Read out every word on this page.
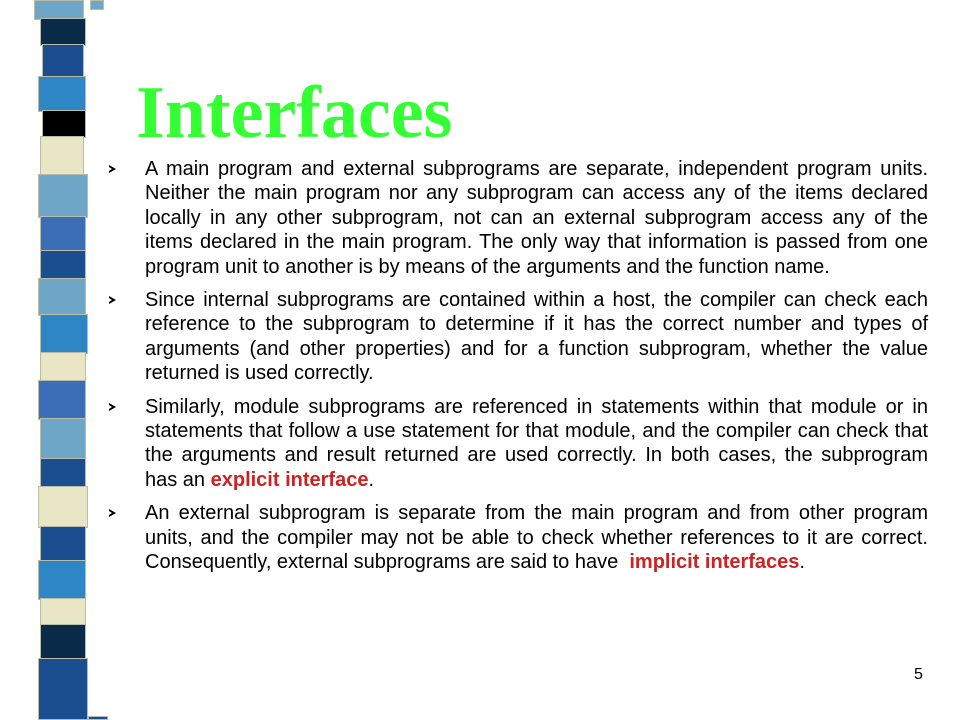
Interfaces
A main program and external subprograms are separate, independent program units. Neither the main program nor any subprogram can access any of the items declared locally in any other subprogram, not can an external subprogram access any of the items declared in the main program. The only way that information is passed from one program unit to another is by means of the arguments and the function name.
Since internal subprograms are contained within a host, the compiler can check each reference to the subprogram to determine if it has the correct number and types of arguments (and other properties) and for a function subprogram, whether the value returned is used correctly.
Similarly, module subprograms are referenced in statements within that module or in statements that follow a use statement for that module, and the compiler can check that the arguments and result returned are used correctly. In both cases, the subprogram has an explicit interface.
An external subprogram is separate from the main program and from other program units, and the compiler may not be able to check whether references to it are correct. Consequently, external subprograms are said to have  implicit interfaces.
5
